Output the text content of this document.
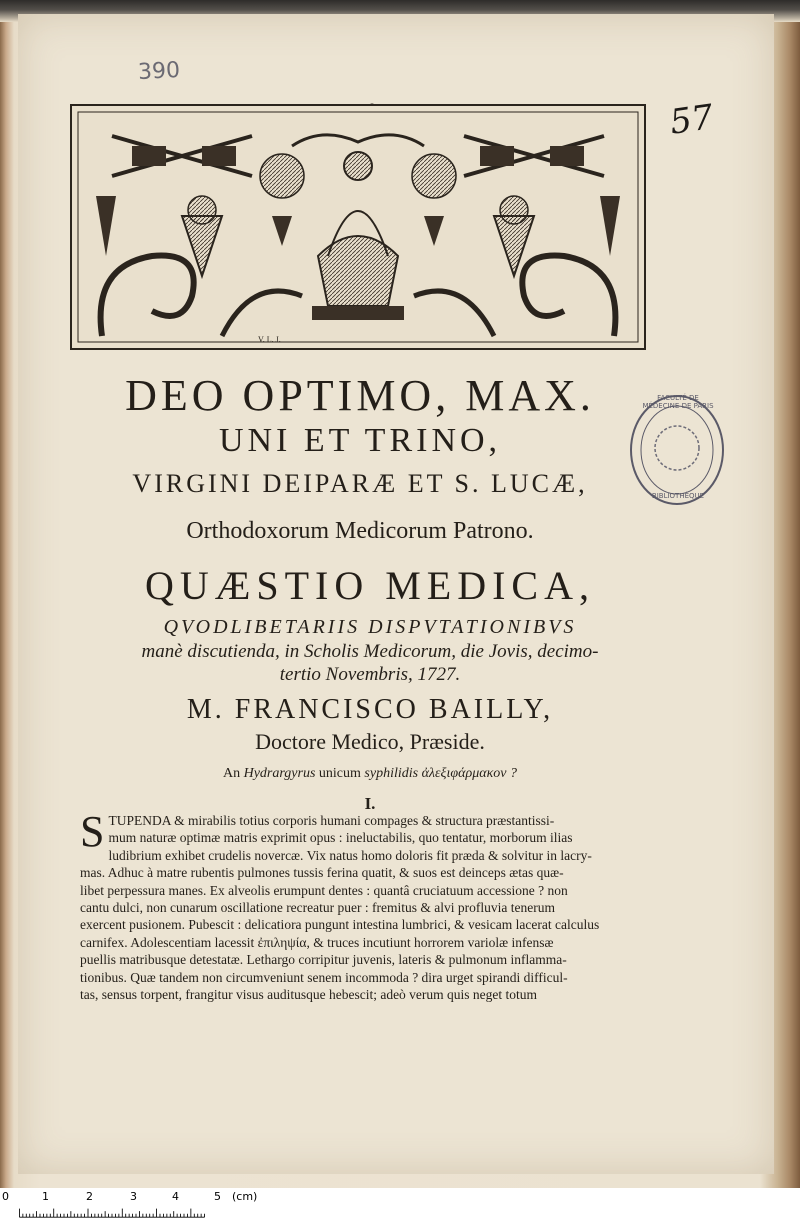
390
57
V. L. J.
FACULTÉ DE MÉDECINE DE PARIS
BIBLIOTHÈQUE
DEO OPTIMO, MAX.
UNI ET TRINO,
VIRGINI DEIPARÆ ET S. LUCÆ,
Orthodoxorum Medicorum Patrono.
QUÆSTIO MEDICA,
QVODLIBETARIIS DISPVTATIONIBVS
manè discutienda, in Scholis Medicorum, die Jovis, decimo-
tertio Novembris, 1727.
M. FRANCISCO BAILLY,
Doctore Medico, Præside.
An Hydrargyrus unicum syphilidis ἀλεξιφάρμακον ?
I.
S TUPENDA & mirabilis totius corporis humani compages & structura præstantissi-

mum naturæ optimæ matris exprimit opus : ineluctabilis, quo tentatur, morborum ilias

ludibrium exhibet crudelis novercæ. Vix natus homo doloris fit præda & solvitur in lacry-

mas. Adhuc à matre rubentis pulmones tussis ferina quatit, & suos est deinceps ætas quæ-

libet perpessura manes. Ex alveolis erumpunt dentes : quantâ cruciatuum accessione ? non

cantu dulci, non cunarum oscillatione recreatur puer : fremitus & alvi profluvia tenerum

exercent pusionem. Pubescit : delicatiora pungunt intestina lumbrici, & vesicam lacerat calculus

carnifex. Adolescentiam lacessit ἐπιληψία, & truces incutiunt horrorem variolæ infensæ

puellis matribusque detestatæ. Lethargo corripitur juvenis, lateris & pulmonum inflamma-

tionibus. Quæ tandem non circumveniunt senem incommoda ? dira urget spirandi difficul-

tas, sensus torpent, frangitur visus auditusque hebescit; adeò verum quis neget totum

0	1	2	3	4	5 (cm)
